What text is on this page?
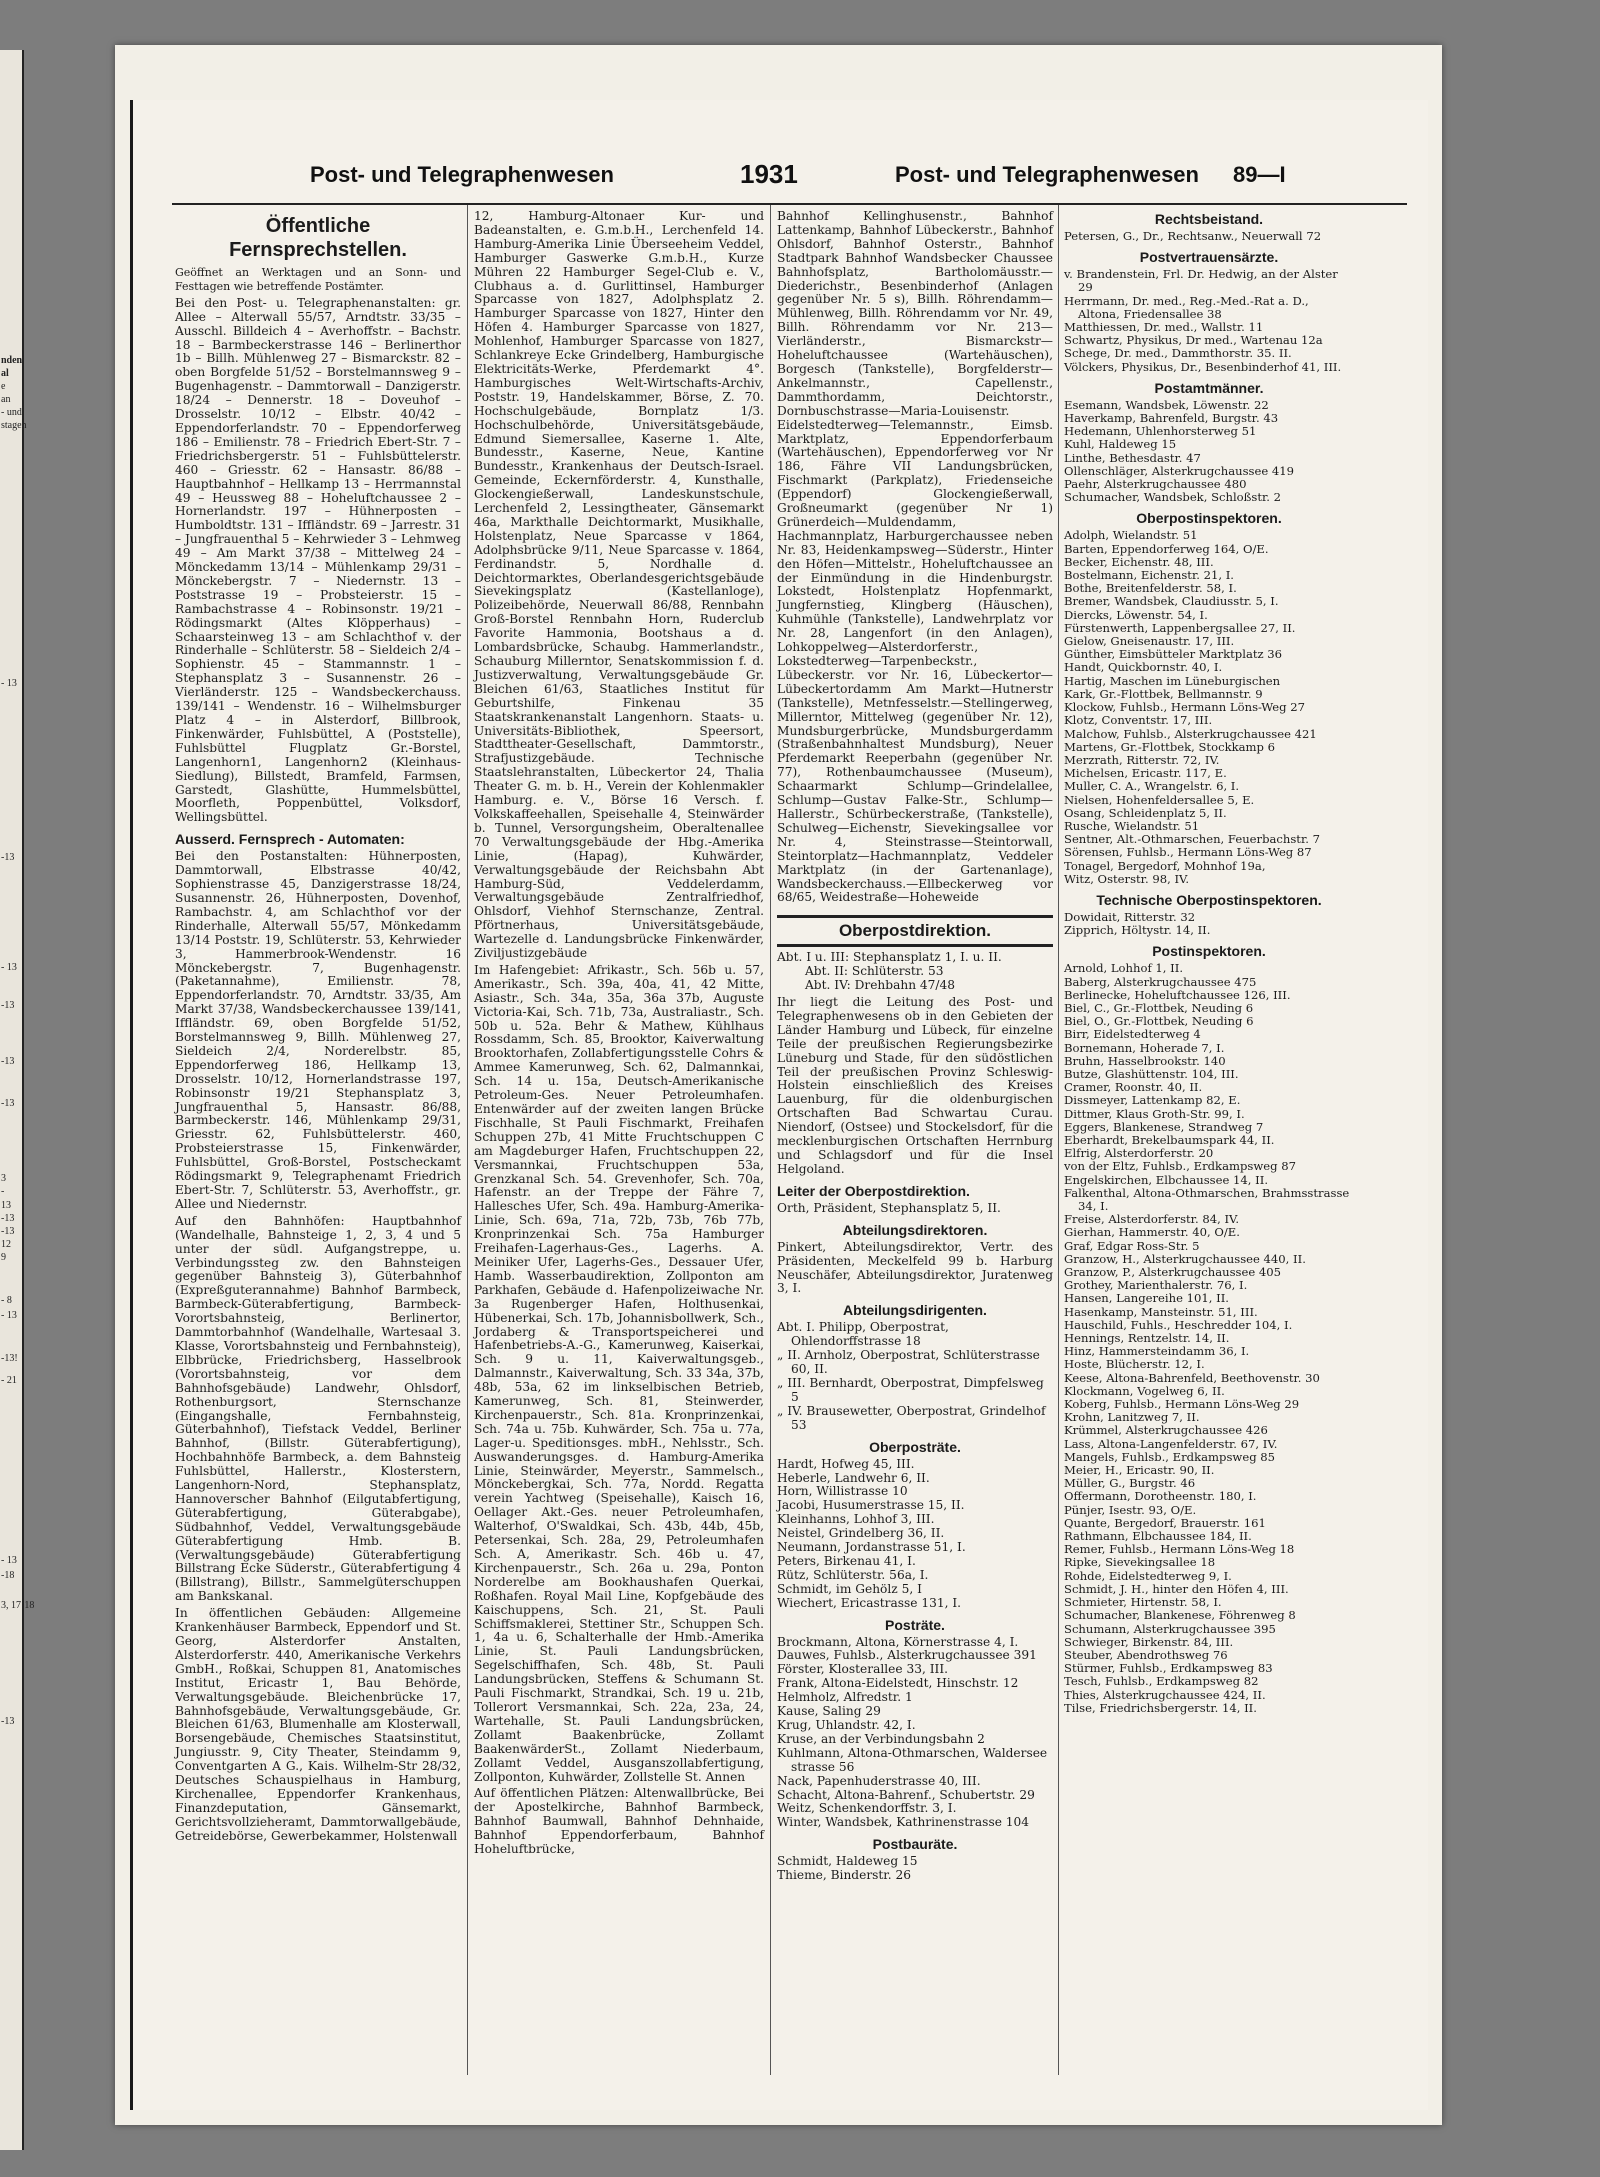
nden
al
e
an
- und
stagen
- 13
-13
- 13
-13
-13
-13
3
-
13
-13
-13
12
9
- 8
- 13
-13!
- 21
- 13
-18
3, 17·18
-13
Post- und Telegraphenwesen	1931	Post- und Telegraphenwesen 89—I
Öffentliche Fernsprechstellen.

Geöffnet an Werktagen und an Sonn- und Festtagen wie betreffende Postämter.

Bei den Post- u. Telegraphenanstalten: gr. Allee – Alterwall 55/57, Arndtstr. 33/35 – Ausschl. Billdeich 4 – Averhoffstr. – Bachstr. 18 – Barmbeckerstrasse 146 – Berlinerthor 1b – Billh. Mühlenweg 27 – Bismarckstr. 82 – oben Borgfelde 51/52 – Borstelmannsweg 9 – Bugenhagenstr. – Dammtorwall – Danzigerstr. 18/24 – Dennerstr. 18 – Doveuhof – Drosselstr. 10/12 – Elbstr. 40/42 – Eppendorferlandstr. 70 – Eppendorferweg 186 – Emilienstr. 78 – Friedrich Ebert-Str. 7 – Friedrichsbergerstr. 51 – Fuhlsbüttelerstr. 460 – Griesstr. 62 – Hansastr. 86/88 – Hauptbahnhof – Hellkamp 13 – Herrmannstal 49 – Heussweg 88 – Hoheluftchaussee 2 – Hornerlandstr. 197 – Hühnerposten – Humboldtstr. 131 – Iffländstr. 69 – Jarrestr. 31 – Jungfrauenthal 5 – Kehrwieder 3 – Lehmweg 49 – Am Markt 37/38 – Mittelweg 24 – Mönckedamm 13/14 – Mühlenkamp 29/31 – Mönckebergstr. 7 – Niedernstr. 13 – Poststrasse 19 – Probsteierstr. 15 – Rambachstrasse 4 – Robinsonstr. 19/21 – Rödingsmarkt (Altes Klöpperhaus) – Schaarsteinweg 13 – am Schlachthof v. der Rinderhalle – Schlüterstr. 58 – Sieldeich 2/4 – Sophienstr. 45 – Stammannstr. 1 – Stephansplatz 3 – Susannenstr. 26 – Vierländerstr. 125 – Wandsbeckerchauss. 139/141 – Wendenstr. 16 – Wilhelmsburger Platz 4 – in Alsterdorf, Billbrook, Finkenwärder, Fuhlsbüttel, A (Poststelle), Fuhlsbüttel Flugplatz Gr.-Borstel, Langenhorn1, Langenhorn2 (Kleinhaus-Siedlung), Billstedt, Bramfeld, Farmsen, Garstedt, Glashütte, Hummelsbüttel, Moorfleth, Poppenbüttel, Volksdorf, Wellingsbüttel.

Ausserd. Fernsprech - Automaten:

Bei den Postanstalten: Hühnerposten, Dammtorwall, Elbstrasse 40/42, Sophienstrasse 45, Danzigerstrasse 18/24, Susannenstr. 26, Hühnerposten, Dovenhof, Rambachstr. 4, am Schlachthof vor der Rinderhalle, Alterwall 55/57, Mönkedamm 13/14 Poststr. 19, Schlüterstr. 53, Kehrwieder 3, Hammerbrook-Wendenstr. 16 Mönckebergstr. 7, Bugenhagenstr. (Paketannahme), Emilienstr. 78, Eppendorferlandstr. 70, Arndtstr. 33/35, Am Markt 37/38, Wandsbeckerchaussee 139/141, Iffländstr. 69, oben Borgfelde 51/52, Borstelmannsweg 9, Billh. Mühlenweg 27, Sieldeich 2/4, Norderelbstr. 85, Eppendorferweg 186, Hellkamp 13, Drosselstr. 10/12, Hornerlandstrasse 197, Robinsonstr 19/21 Stephansplatz 3, Jungfrauenthal 5, Hansastr. 86/88, Barmbeckerstr. 146, Mühlenkamp 29/31, Griesstr. 62, Fuhlsbüttelerstr. 460, Probsteierstrasse 15, Finkenwärder, Fuhlsbüttel, Groß-Borstel, Postscheckamt Rödingsmarkt 9, Telegraphenamt Friedrich Ebert-Str. 7, Schlüterstr. 53, Averhoffstr., gr. Allee und Niedernstr.

Auf den Bahnhöfen: Hauptbahnhof (Wandelhalle, Bahnsteige 1, 2, 3, 4 und 5 unter der südl. Aufgangstreppe, u. Verbindungssteg zw. den Bahnsteigen gegenüber Bahnsteig 3), Güterbahnhof (Expreßguterannahme) Bahnhof Barmbeck, Barmbeck-Güterabfertigung, Barmbeck-Vorortsbahnsteig, Berlinertor, Dammtorbahnhof (Wandelhalle, Wartesaal 3. Klasse, Vorortsbahnsteig und Fernbahnsteig), Elbbrücke, Friedrichsberg, Hasselbrook (Vorortsbahnsteig, vor dem Bahnhofsgebäude) Landwehr, Ohlsdorf, Rothenburgsort, Sternschanze (Eingangshalle, Fernbahnsteig, Güterbahnhof), Tiefstack Veddel, Berliner Bahnhof, (Billstr. Güterabfertigung), Hochbahnhöfe Barmbeck, a. dem Bahnsteig Fuhlsbüttel, Hallerstr., Klosterstern, Langenhorn-Nord, Stephansplatz, Hannoverscher Bahnhof (Eilgutabfertigung, Güterabfertigung, Güterabgabe), Südbahnhof, Veddel, Verwaltungsgebäude Güterabfertigung Hmb. B. (Verwaltungsgebäude) Güterabfertigung Billstrang Ecke Süderstr., Güterabfertigung 4 (Billstrang), Billstr., Sammelgüterschuppen am Bankskanal.

In öffentlichen Gebäuden: Allgemeine Krankenhäuser Barmbeck, Eppendorf und St. Georg, Alsterdorfer Anstalten, Alsterdorferstr. 440, Amerikanische Verkehrs GmbH., Roßkai, Schuppen 81, Anatomisches Institut, Ericastr 1, Bau Behörde, Verwaltungsgebäude. Bleichenbrücke 17, Bahnhofsgebäude, Verwaltungsgebäude, Gr. Bleichen 61/63, Blumenhalle am Klosterwall, Borsengebäude, Chemisches Staatsinstitut, Jungiusstr. 9, City Theater, Steindamm 9, Conventgarten A G., Kais. Wilhelm-Str 28/32, Deutsches Schauspielhaus in Hamburg, Kirchenallee, Eppendorfer Krankenhaus, Finanzdeputation, Gänsemarkt, Gerichtsvollzieheramt, Dammtorwallgebäude, Getreidebörse, Gewerbekammer, Holstenwall

12, Hamburg-Altonaer Kur- und Badeanstalten, e. G.m.b.H., Lerchenfeld 14. Hamburg-Amerika Linie Überseeheim Veddel, Hamburger Gaswerke G.m.b.H., Kurze Mühren 22 Hamburger Segel-Club e. V., Clubhaus a. d. Gurlittinsel, Hamburger Sparcasse von 1827, Adolphsplatz 2. Hamburger Sparcasse von 1827, Hinter den Höfen 4. Hamburger Sparcasse von 1827, Mohlenhof, Hamburger Sparcasse von 1827, Schlankreye Ecke Grindelberg, Hamburgische Elektricitäts-Werke, Pferdemarkt 4°. Hamburgisches Welt-Wirtschafts-Archiv, Poststr. 19, Handelskammer, Börse, Z. 70. Hochschulgebäude, Bornplatz 1/3. Hochschulbehörde, Universitätsgebäude, Edmund Siemersallee, Kaserne 1. Alte, Bundesstr., Kaserne, Neue, Kantine Bundesstr., Krankenhaus der Deutsch-Israel. Gemeinde, Eckernförderstr. 4, Kunsthalle, Glockengießerwall, Landeskunstschule, Lerchenfeld 2, Lessingtheater, Gänsemarkt 46a, Markthalle Deichtormarkt, Musikhalle, Holstenplatz, Neue Sparcasse v 1864, Adolphsbrücke 9/11, Neue Sparcasse v. 1864, Ferdinandstr. 5, Nordhalle d. Deichtormarktes, Oberlandesgerichtsgebäude Sievekingsplatz (Kastellanloge), Polizeibehörde, Neuerwall 86/88, Rennbahn Groß-Borstel Rennbahn Horn, Ruderclub Favorite Hammonia, Bootshaus a d. Lombardsbrücke, Schaubg. Hammerlandstr., Schauburg Millerntor, Senatskommission f. d. Justizverwaltung, Verwaltungsgebäude Gr. Bleichen 61/63, Staatliches Institut für Geburtshilfe, Finkenau 35 Staatskrankenanstalt Langenhorn. Staats- u. Universitäts-Bibliothek, Speersort, Stadttheater-Gesellschaft, Dammtorstr., Strafjustizgebäude. Technische Staatslehranstalten, Lübeckertor 24, Thalia Theater G. m. b. H., Verein der Kohlenmakler Hamburg. e. V., Börse 16 Versch. f. Volkskaffeehallen, Speisehalle 4, Steinwärder b. Tunnel, Versorgungsheim, Oberaltenallee 70 Verwaltungsgebäude der Hbg.-Amerika Linie, (Hapag), Kuhwärder, Verwaltungsgebäude der Reichsbahn Abt Hamburg-Süd, Veddelerdamm, Verwaltungsgebäude Zentralfriedhof, Ohlsdorf, Viehhof Sternschanze, Zentral. Pförtnerhaus, Universitätsgebäude, Wartezelle d. Landungsbrücke Finkenwärder, Ziviljustizgebäude

Im Hafengebiet: Afrikastr., Sch. 56b u. 57, Amerikastr., Sch. 39a, 40a, 41, 42 Mitte, Asiastr., Sch. 34a, 35a, 36a 37b, Auguste Victoria-Kai, Sch. 71b, 73a, Australiastr., Sch. 50b u. 52a. Behr & Mathew, Kühlhaus Rossdamm, Sch. 85, Brooktor, Kaiverwaltung Brooktorhafen, Zollabfertigungsstelle Cohrs & Ammee Kamerunweg, Sch. 62, Dalmannkai, Sch. 14 u. 15a, Deutsch-Amerikanische Petroleum-Ges. Neuer Petroleumhafen. Entenwärder auf der zweiten langen Brücke Fischhalle, St Pauli Fischmarkt, Freihafen Schuppen 27b, 41 Mitte Fruchtschuppen C am Magdeburger Hafen, Fruchtschuppen 22, Versmannkai, Fruchtschuppen 53a, Grenzkanal Sch. 54. Grevenhofer, Sch. 70a, Hafenstr. an der Treppe der Fähre 7, Hallesches Ufer, Sch. 49a. Hamburg-Amerika-Linie, Sch. 69a, 71a, 72b, 73b, 76b 77b, Kronprinzenkai Sch. 75a Hamburger Freihafen-Lagerhaus-Ges., Lagerhs. A. Meiniker Ufer, Lagerhs-Ges., Dessauer Ufer, Hamb. Wasserbaudirektion, Zollponton am Parkhafen, Gebäude d. Hafenpolizeiwache Nr. 3a Rugenberger Hafen, Holthusenkai, Hübenerkai, Sch. 17b, Johannisbollwerk, Sch., Jordaberg & Transportspeicherei und Hafenbetriebs-A.-G., Kamerunweg, Kaiserkai, Sch. 9 u. 11, Kaiverwaltungsgeb., Dalmannstr., Kaiverwaltung, Sch. 33 34a, 37b, 48b, 53a, 62 im linkselbischen Betrieb, Kamerunweg, Sch. 81, Steinwerder, Kirchenpauerstr., Sch. 81a. Kronprinzenkai, Sch. 74a u. 75b. Kuhwärder, Sch. 75a u. 77a, Lager-u. Speditionsges. mbH., Nehlsstr., Sch. Auswanderungsges. d. Hamburg-Amerika Linie, Steinwärder, Meyerstr., Sammelsch., Mönckebergkai, Sch. 77a, Nordd. Regatta verein Yachtweg (Speisehalle), Kaisch 16, Oellager Akt.-Ges. neuer Petroleumhafen, Walterhof, O'Swaldkai, Sch. 43b, 44b, 45b, Petersenkai, Sch. 28a, 29, Petroleumhafen Sch. A, Amerikastr. Sch. 46b u. 47, Kirchenpauerstr., Sch. 26a u. 29a, Ponton Norderelbe am Bookhaushafen Querkai, Roßhafen. Royal Mail Line, Kopfgebäude des Kaischuppens, Sch. 21, St. Pauli Schiffsmaklerei, Stettiner Str., Schuppen Sch. 1, 4a u. 6, Schalterhalle der Hmb.-Amerika Linie, St. Pauli Landungsbrücken, Segelschiffhafen, Sch. 48b, St. Pauli Landungsbrücken, Steffens & Schumann St. Pauli Fischmarkt, Strandkai, Sch. 19 u. 21b, Tollerort Versmannkai, Sch. 22a, 23a, 24, Wartehalle, St. Pauli Landungsbrücken, Zollamt Baakenbrücke, Zollamt BaakenwärderSt., Zollamt Niederbaum, Zollamt Veddel, Ausganszollabfertigung, Zollponton, Kuhwärder, Zollstelle St. Annen

Auf öffentlichen Plätzen: Altenwallbrücke, Bei der Apostelkirche, Bahnhof Barmbeck, Bahnhof Baumwall, Bahnhof Dehnhaide, Bahnhof Eppendorferbaum, Bahnhof Hoheluftbrücke,

Bahnhof Kellinghusenstr., Bahnhof Lattenkamp, Bahnhof Lübeckerstr., Bahnhof Ohlsdorf, Bahnhof Osterstr., Bahnhof Stadtpark Bahnhof Wandsbecker Chaussee Bahnhofsplatz, Bartholomäusstr.—Diederichstr., Besenbinderhof (Anlagen gegenüber Nr. 5 s), Billh. Röhrendamm—Mühlenweg, Billh. Röhrendamm vor Nr. 49, Billh. Röhrendamm vor Nr. 213—Vierländerstr., Bismarckstr—Hoheluftchaussee (Wartehäuschen), Borgesch (Tankstelle), Borgfelderstr—Ankelmannstr., Capellenstr., Dammthordamm, Deichtorstr., Dornbuschstrasse—Maria-Louisenstr. Eidelstedterweg—Telemannstr., Eimsb. Marktplatz, Eppendorferbaum (Wartehäuschen), Eppendorferweg vor Nr 186, Fähre VII Landungsbrücken, Fischmarkt (Parkplatz), Friedenseiche (Eppendorf) Glockengießerwall, Großneumarkt (gegenüber Nr 1) Grünerdeich—Muldendamm, Hachmannplatz, Harburgerchaussee neben Nr. 83, Heidenkampsweg—Süderstr., Hinter den Höfen—Mittelstr., Hoheluftchaussee an der Einmündung in die Hindenburgstr. Lokstedt, Holstenplatz Hopfenmarkt, Jungfernstieg, Klingberg (Häuschen), Kuhmühle (Tankstelle), Landwehrplatz vor Nr. 28, Langenfort (in den Anlagen), Lohkoppelweg—Alsterdorferstr., Lokstedterweg—Tarpenbeckstr., Lübeckerstr. vor Nr. 16, Lübeckertor—Lübeckertordamm Am Markt—Hutnerstr (Tankstelle), Metnfesselstr.—Stellingerweg, Millerntor, Mittelweg (gegenüber Nr. 12), Mundsburgerbrücke, Mundsburgerdamm (Straßenbahnhaltest Mundsburg), Neuer Pferdemarkt Reeperbahn (gegenüber Nr. 77), Rothenbaumchaussee (Museum), Schaarmarkt Schlump—Grindelallee, Schlump—Gustav Falke-Str., Schlump—Hallerstr., Schürbeckerstraße, (Tankstelle), Schulweg—Eichenstr, Sievekingsallee vor Nr. 4, Steinstrasse—Steintorwall, Steintorplatz—Hachmannplatz, Veddeler Marktplatz (in der Gartenanlage), Wandsbeckerchauss.—Ellbeckerweg vor 68/65, Weidestraße—Hoheweide

Oberpostdirektion.

Abt. I u. III: Stephansplatz 1, I. u. II.

Abt. II: Schlüterstr. 53

Abt. IV: Drehbahn 47/48

Ihr liegt die Leitung des Post- und Telegraphenwesens ob in den Gebieten der Länder Hamburg und Lübeck, für einzelne Teile der preußischen Regierungsbezirke Lüneburg und Stade, für den südöstlichen Teil der preußischen Provinz Schleswig-Holstein einschließlich des Kreises Lauenburg, für die oldenburgischen Ortschaften Bad Schwartau Curau. Niendorf, (Ostsee) und Stockelsdorf, für die mecklenburgischen Ortschaften Herrnburg und Schlagsdorf und für die Insel Helgoland.

Leiter der Oberpostdirektion.

Orth, Präsident, Stephansplatz 5, II.

Abteilungsdirektoren.

Pinkert, Abteilungsdirektor, Vertr. des Präsidenten, Meckelfeld 99 b. Harburg Neuschäfer, Abteilungsdirektor, Juratenweg 3, I.

Abteilungsdirigenten.
Abt. I. Philipp, Oberpostrat, Ohlendorffstrasse 18
„ II. Arnholz, Oberpostrat, Schlüterstrasse 60, II.
„ III. Bernhardt, Oberpostrat, Dimpfelsweg 5
„ IV. Brausewetter, Oberpostrat, Grindelhof 53
Oberposträte.
Hardt, Hofweg 45, III.
Heberle, Landwehr 6, II.
Horn, Willistrasse 10
Jacobi, Husumerstrasse 15, II.
Kleinhanns, Lohhof 3, III.
Neistel, Grindelberg 36, II.
Neumann, Jordanstrasse 51, I.
Peters, Birkenau 41, I.
Rütz, Schlüterstr. 56a, I.
Schmidt, im Gehölz 5, I
Wiechert, Ericastrasse 131, I.
Posträte.
Brockmann, Altona, Körnerstrasse 4, I.
Dauwes, Fuhlsb., Alsterkrugchaussee 391
Förster, Klosterallee 33, III.
Frank, Altona-Eidelstedt, Hinschstr. 12
Helmholz, Alfredstr. 1
Kause, Saling 29
Krug, Uhlandstr. 42, I.
Kruse, an der Verbindungsbahn 2
Kuhlmann, Altona-Othmarschen, Waldersee strasse 56
Nack, Papenhuderstrasse 40, III.
Schacht, Altona-Bahrenf., Schubertstr. 29
Weitz, Schenkendorffstr. 3, I.
Winter, Wandsbek, Kathrinenstrasse 104
Postbauräte.
Schmidt, Haldeweg 15
Thieme, Binderstr. 26
Rechtsbeistand.

Petersen, G., Dr., Rechtsanw., Neuerwall 72

Postvertrauensärzte.
v. Brandenstein, Frl. Dr. Hedwig, an der Alster 29
Herrmann, Dr. med., Reg.-Med.-Rat a. D., Altona, Friedensallee 38
Matthiessen, Dr. med., Wallstr. 11
Schwartz, Physikus, Dr med., Wartenau 12a
Schege, Dr. med., Dammthorstr. 35. II.
Völckers, Physikus, Dr., Besenbinderhof 41, III.
Postamtmänner.
Esemann, Wandsbek, Löwenstr. 22
Haverkamp, Bahrenfeld, Burgstr. 43
Hedemann, Uhlenhorsterweg 51
Kuhl, Haldeweg 15
Linthe, Bethesdastr. 47
Ollenschläger, Alsterkrugchaussee 419
Paehr, Alsterkrugchaussee 480
Schumacher, Wandsbek, Schloßstr. 2
Oberpostinspektoren.
Adolph, Wielandstr. 51
Barten, Eppendorferweg 164, O/E.
Becker, Eichenstr. 48, III.
Bostelmann, Eichenstr. 21, I.
Bothe, Breitenfelderstr. 58, I.
Bremer, Wandsbek, Claudiusstr. 5, I.
Diercks, Löwenstr. 54, I.
Fürstenwerth, Lappenbergsallee 27, II.
Gielow, Gneisenaustr. 17, III.
Günther, Eimsbütteler Marktplatz 36
Handt, Quickbornstr. 40, I.
Hartig, Maschen im Lüneburgischen
Kark, Gr.-Flottbek, Bellmannstr. 9
Klockow, Fuhlsb., Hermann Löns-Weg 27
Klotz, Conventstr. 17, III.
Malchow, Fuhlsb., Alsterkrugchaussee 421
Martens, Gr.-Flottbek, Stockkamp 6
Merzrath, Ritterstr. 72, IV.
Michelsen, Ericastr. 117, E.
Muller, C. A., Wrangelstr. 6, I.
Nielsen, Hohenfeldersallee 5, E.
Osang, Schleidenplatz 5, II.
Rusche, Wielandstr. 51
Sentner, Alt.-Othmarschen, Feuerbachstr. 7
Sörensen, Fuhlsb., Hermann Löns-Weg 87
Tonagel, Bergedorf, Mohnhof 19a,
Witz, Osterstr. 98, IV.
Technische Oberpostinspektoren.
Dowidait, Ritterstr. 32
Zipprich, Höltystr. 14, II.
Postinspektoren.
Arnold, Lohhof 1, II.
Baberg, Alsterkrugchaussee 475
Berlinecke, Hoheluftchaussee 126, III.
Biel, C., Gr.-Flottbek, Neuding 6
Biel, O., Gr.-Flottbek, Neuding 6
Birr, Eidelstedterweg 4
Bornemann, Hoherade 7, I.
Bruhn, Hasselbrookstr. 140
Butze, Glashüttenstr. 104, III.
Cramer, Roonstr. 40, II.
Dissmeyer, Lattenkamp 82, E.
Dittmer, Klaus Groth-Str. 99, I.
Eggers, Blankenese, Strandweg 7
Eberhardt, Brekelbaumspark 44, II.
Elfrig, Alsterdorferstr. 20
von der Eltz, Fuhlsb., Erdkampsweg 87
Engelskirchen, Elbchaussee 14, II.
Falkenthal, Altona-Othmarschen, Brahmsstrasse 34, I.
Freise, Alsterdorferstr. 84, IV.
Gierhan, Hammerstr. 40, O/E.
Graf, Edgar Ross-Str. 5
Granzow, H., Alsterkrugchaussee 440, II.
Granzow, P., Alsterkrugchaussee 405
Grothey, Marienthalerstr. 76, I.
Hansen, Langereihe 101, II.
Hasenkamp, Mansteinstr. 51, III.
Hauschild, Fuhls., Heschredder 104, I.
Hennings, Rentzelstr. 14, II.
Hinz, Hammersteindamm 36, I.
Hoste, Blücherstr. 12, I.
Keese, Altona-Bahrenfeld, Beethovenstr. 30
Klockmann, Vogelweg 6, II.
Koberg, Fuhlsb., Hermann Löns-Weg 29
Krohn, Lanitzweg 7, II.
Krümmel, Alsterkrugchaussee 426
Lass, Altona-Langenfelderstr. 67, IV.
Mangels, Fuhlsb., Erdkampsweg 85
Meier, H., Ericastr. 90, II.
Müller, G., Burgstr. 46
Offermann, Dorotheenstr. 180, I.
Pünjer, Isestr. 93, O/E.
Quante, Bergedorf, Brauerstr. 161
Rathmann, Elbchaussee 184, II.
Remer, Fuhlsb., Hermann Löns-Weg 18
Ripke, Sievekingsallee 18
Rohde, Eidelstedterweg 9, I.
Schmidt, J. H., hinter den Höfen 4, III.
Schmieter, Hirtenstr. 58, I.
Schumacher, Blankenese, Föhrenweg 8
Schumann, Alsterkrugchaussee 395
Schwieger, Birkenstr. 84, III.
Steuber, Abendrothsweg 76
Stürmer, Fuhlsb., Erdkampsweg 83
Tesch, Fuhlsb., Erdkampsweg 82
Thies, Alsterkrugchaussee 424, II.
Tilse, Friedrichsbergerstr. 14, II.
